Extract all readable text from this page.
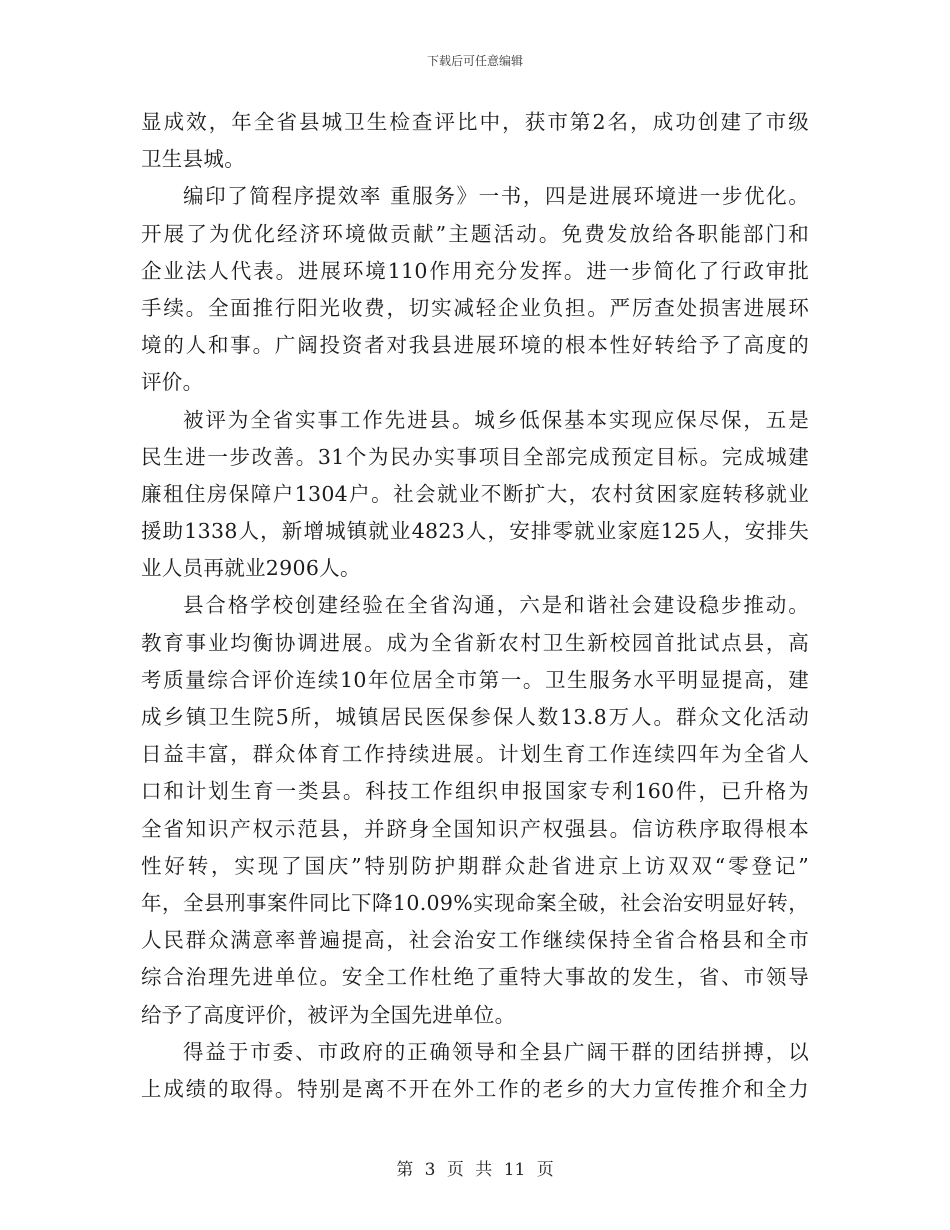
下载后可任意编辑
显成效，年全省县城卫生检查评比中，获市第2名，成功创建了市级
卫生县城。
编印了简程序提效率 重服务》一书，四是进展环境进一步优化。
开展了为优化经济环境做贡献”主题活动。免费发放给各职能部门和
企业法人代表。进展环境110作用充分发挥。进一步简化了行政审批
手续。全面推行阳光收费，切实减轻企业负担。严厉查处损害进展环
境的人和事。广阔投资者对我县进展环境的根本性好转给予了高度的
评价。
被评为全省实事工作先进县。城乡低保基本实现应保尽保，五是
民生进一步改善。31个为民办实事项目全部完成预定目标。完成城建
廉租住房保障户1304户。社会就业不断扩大，农村贫困家庭转移就业
援助1338人，新增城镇就业4823人，安排零就业家庭125人，安排失
业人员再就业2906人。
县合格学校创建经验在全省沟通，六是和谐社会建设稳步推动。
教育事业均衡协调进展。成为全省新农村卫生新校园首批试点县，高
考质量综合评价连续10年位居全市第一。卫生服务水平明显提高，建
成乡镇卫生院5所，城镇居民医保参保人数13.8万人。群众文化活动
日益丰富，群众体育工作持续进展。计划生育工作连续四年为全省人
口和计划生育一类县。科技工作组织申报国家专利160件，已升格为
全省知识产权示范县，并跻身全国知识产权强县。信访秩序取得根本
性好转，实现了国庆”特别防护期群众赴省进京上访双双“零登记”
年，全县刑事案件同比下降10.09%实现命案全破，社会治安明显好转，
人民群众满意率普遍提高，社会治安工作继续保持全省合格县和全市
综合治理先进单位。安全工作杜绝了重特大事故的发生，省、市领导
给予了高度评价，被评为全国先进单位。
得益于市委、市政府的正确领导和全县广阔干群的团结拼搏，以
上成绩的取得。特别是离不开在外工作的老乡的大力宣传推介和全力
第 3 页 共 11 页
